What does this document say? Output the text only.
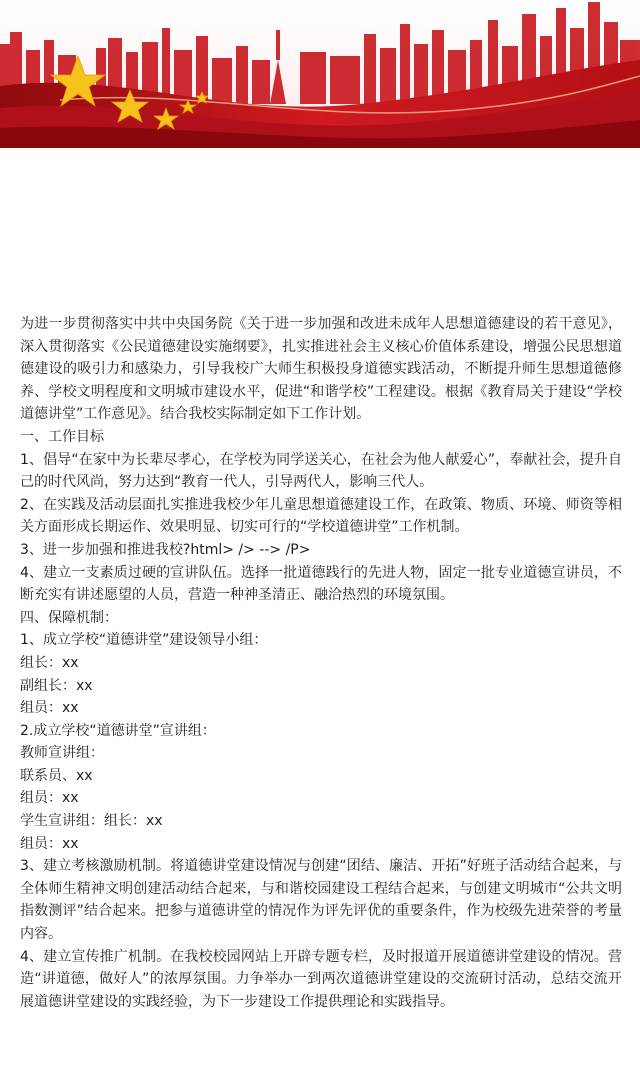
为进一步贯彻落实中共中央国务院《关于进一步加强和改进未成年人思想道德建设的若干意见》，深入贯彻落实《公民道德建设实施纲要》，扎实推进社会主义核心价值体系建设，增强公民思想道德建设的吸引力和感染力，引导我校广大师生积极投身道德实践活动，不断提升师生思想道德修养、学校文明程度和文明城市建设水平，促进“和谐学校”工程建设。根据《教育局关于建设“学校道德讲堂”工作意见》。结合我校实际制定如下工作计划。

一、工作目标

1、倡导“在家中为长辈尽孝心，在学校为同学送关心，在社会为他人献爱心”，奉献社会，提升自己的时代风尚，努力达到“教育一代人，引导两代人，影响三代人。

2、在实践及活动层面扎实推进我校少年儿童思想道德建设工作，在政策、物质、环境、师资等相关方面形成长期运作、效果明显、切实可行的“学校道德讲堂”工作机制。

3、进一步加强和推进我校?html> /> --> /P>

4、建立一支素质过硬的宣讲队伍。选择一批道德践行的先进人物，固定一批专业道德宣讲员，不断充实有讲述愿望的人员，营造一种神圣清正、融洽热烈的环境氛围。

四、保障机制：

1、成立学校“道德讲堂”建设领导小组：

组长：xx

副组长：xx

组员：xx

2.成立学校“道德讲堂”宣讲组：

教师宣讲组：

联系员、xx

组员：xx

学生宣讲组：组长：xx

组员：xx

3、建立考核激励机制。将道德讲堂建设情况与创建“团结、廉洁、开拓”好班子活动结合起来，与全体师生精神文明创建活动结合起来，与和谐校园建设工程结合起来，与创建文明城市“公共文明指数测评”结合起来。把参与道德讲堂的情况作为评先评优的重要条件，作为校级先进荣誉的考量内容。

4、建立宣传推广机制。在我校校园网站上开辟专题专栏，及时报道开展道德讲堂建设的情况。营造“讲道德，做好人”的浓厚氛围。力争举办一到两次道德讲堂建设的交流研讨活动，总结交流开展道德讲堂建设的实践经验，为下一步建设工作提供理论和实践指导。
